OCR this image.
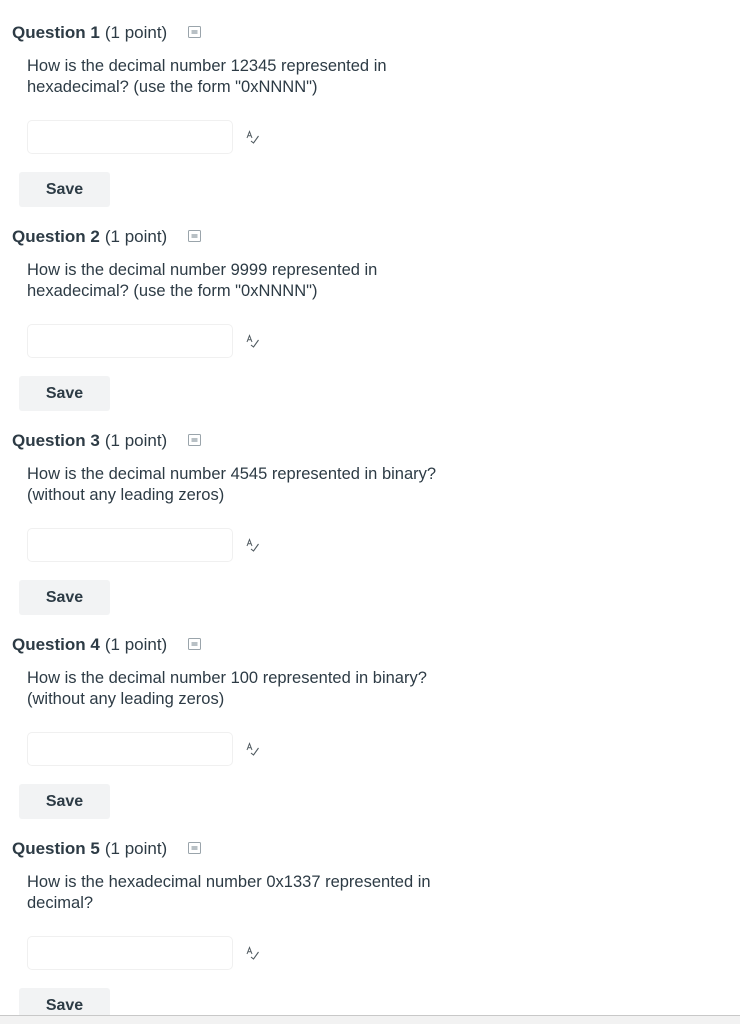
Question 1 (1 point)
How is the decimal number 12345 represented in hexadecimal? (use the form "0xNNNN")
Save
Question 2 (1 point)
How is the decimal number 9999 represented in hexadecimal? (use the form "0xNNNN")
Save
Question 3 (1 point)
How is the decimal number 4545 represented in binary? (without any leading zeros)
Save
Question 4 (1 point)
How is the decimal number 100 represented in binary? (without any leading zeros)
Save
Question 5 (1 point)
How is the hexadecimal number 0x1337 represented in decimal?
Save
